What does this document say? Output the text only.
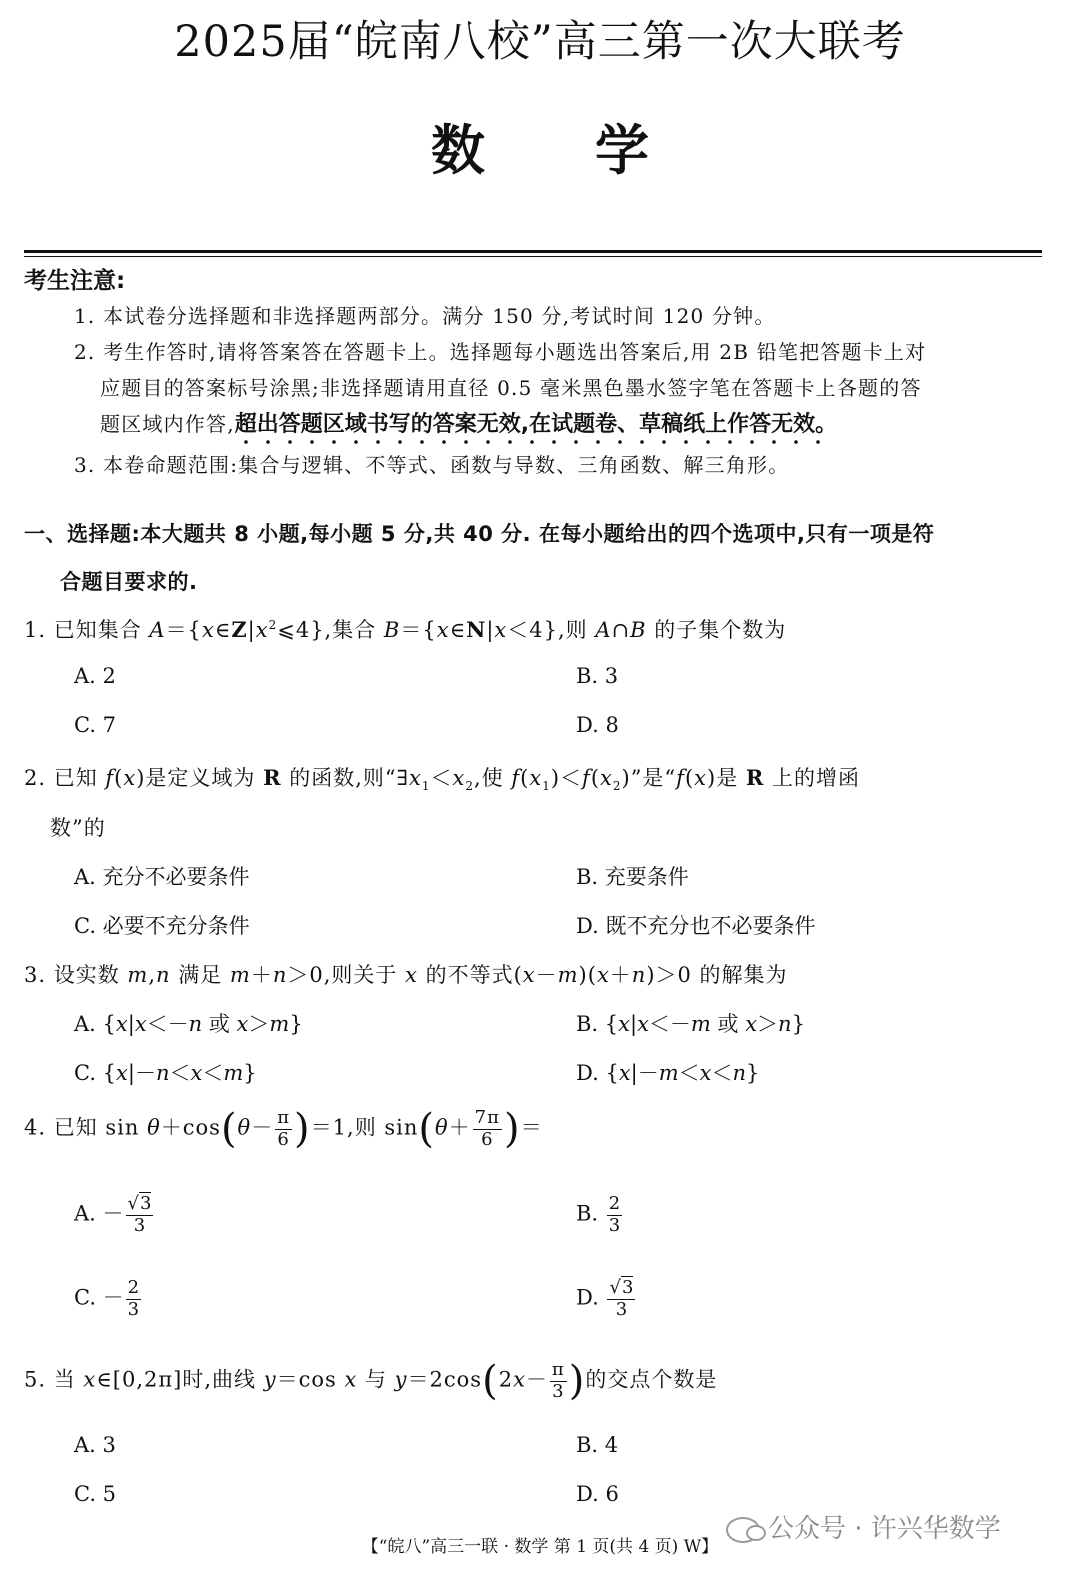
2025届“皖南八校”高三第一次大联考
数学
考生注意:
1. 本试卷分选择题和非选择题两部分。满分 150 分,考试时间 120 分钟。
2. 考生作答时,请将答案答在答题卡上。选择题每小题选出答案后,用 2B 铅笔把答题卡上对
应题目的答案标号涂黑;非选择题请用直径 0.5 毫米黑色墨水签字笔在答题卡上各题的答
题区域内作答,超出答题区域书写的答案无效,在试题卷、草稿纸上作答无效。
3. 本卷命题范围:集合与逻辑、不等式、函数与导数、三角函数、解三角形。
一、选择题:本大题共 8 小题,每小题 5 分,共 40 分. 在每小题给出的四个选项中,只有一项是符
合题目要求的.
1. 已知集合 $A=\{x\in Z|x^2⩽4\}$,集合 B＝{x∈N|x＜4},则 A∩B 的子集个数为
A. 2	B. 3
C. 7	D. 8
2. 已知 f(x)是定义域为 R 的函数,则“$\exists x_1<x_2$,使 $f(x_1)<f(x_2)$”是“f(x)是 R 上的增函
数”的
A. 充分不必要条件	B. 充要条件
C. 必要不充分条件	D. 既不充分也不必要条件
3. 设实数 m,n 满足 m＋n＞0,则关于 x 的不等式(x－m)(x＋n)＞0 的解集为
A. {x|x＜－n 或 x＞m}	B. {x|x＜－m 或 x＞n}
C. {x|－n＜x＜m}	D. {x|－m＜x＜n}
4. 已知 $\sin \theta+\cos(\theta- \frac{\pi}{6} )=1$,则 $\sin(\theta+ \frac{7\pi}{6}$ )＝
A. － $\frac{√3}{3}$	B. $\frac{2}{3}$
C. － $\frac{2}{3}$	D. $\frac{√3}{3}$
5. 当 x∈[0,2π]时,曲线 y＝cos x 与 $y=2\cos(2x- \frac{\pi}{3}$ )的交点个数是
A. 3	B. 4
C. 5	D. 6
公众号 · 许兴华数学
【“皖八”高三一联 · 数学 第 1 页(共 4 页) W】
